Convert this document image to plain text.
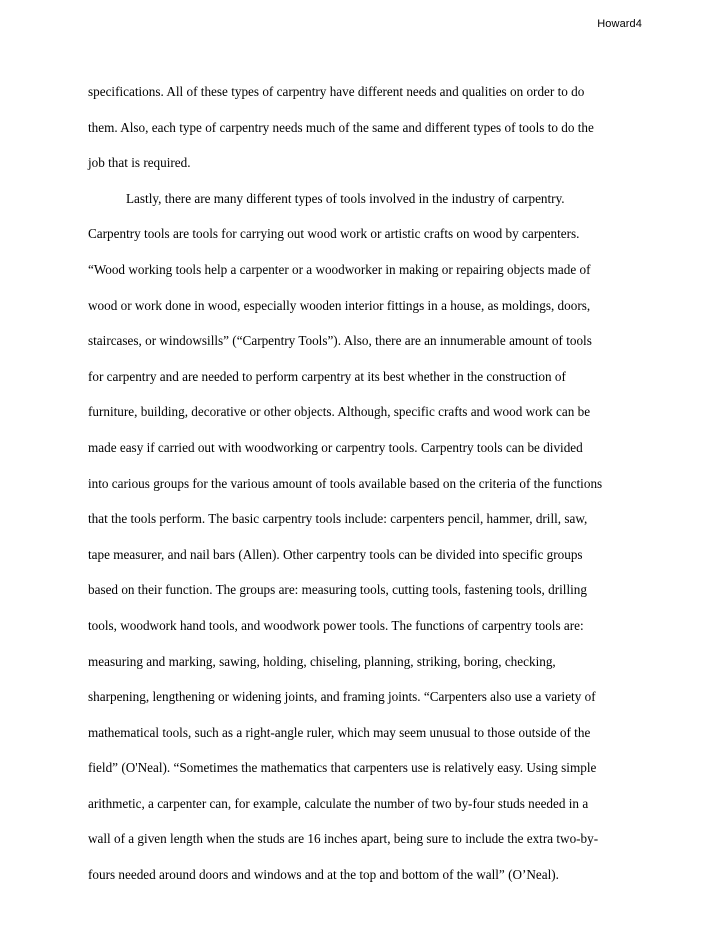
Howard4
specifications. All of these types of carpentry have different needs and qualities on order to do
them. Also, each type of carpentry needs much of the same and different types of tools to do the
job that is required.
Lastly, there are many different types of tools involved in the industry of carpentry.
Carpentry tools are tools for carrying out wood work or artistic crafts on wood by carpenters.
“Wood working tools help a carpenter or a woodworker in making or repairing objects made of
wood or work done in wood, especially wooden interior fittings in a house, as moldings, doors,
staircases, or windowsills” (“Carpentry Tools”). Also, there are an innumerable amount of tools
for carpentry and are needed to perform carpentry at its best whether in the construction of
furniture, building, decorative or other objects. Although, specific crafts and wood work can be
made easy if carried out with woodworking or carpentry tools. Carpentry tools can be divided
into carious groups for the various amount of tools available based on the criteria of the functions
that the tools perform. The basic carpentry tools include: carpenters pencil, hammer, drill, saw,
tape measurer, and nail bars (Allen). Other carpentry tools can be divided into specific groups
based on their function. The groups are: measuring tools, cutting tools, fastening tools, drilling
tools, woodwork hand tools, and woodwork power tools. The functions of carpentry tools are:
measuring and marking, sawing, holding, chiseling, planning, striking, boring, checking,
sharpening, lengthening or widening joints, and framing joints. “Carpenters also use a variety of
mathematical tools, such as a right-angle ruler, which may seem unusual to those outside of the
field” (O'Neal). “Sometimes the mathematics that carpenters use is relatively easy. Using simple
arithmetic, a carpenter can, for example, calculate the number of two by-four studs needed in a
wall of a given length when the studs are 16 inches apart, being sure to include the extra two-by-
fours needed around doors and windows and at the top and bottom of the wall” (O’Neal).
